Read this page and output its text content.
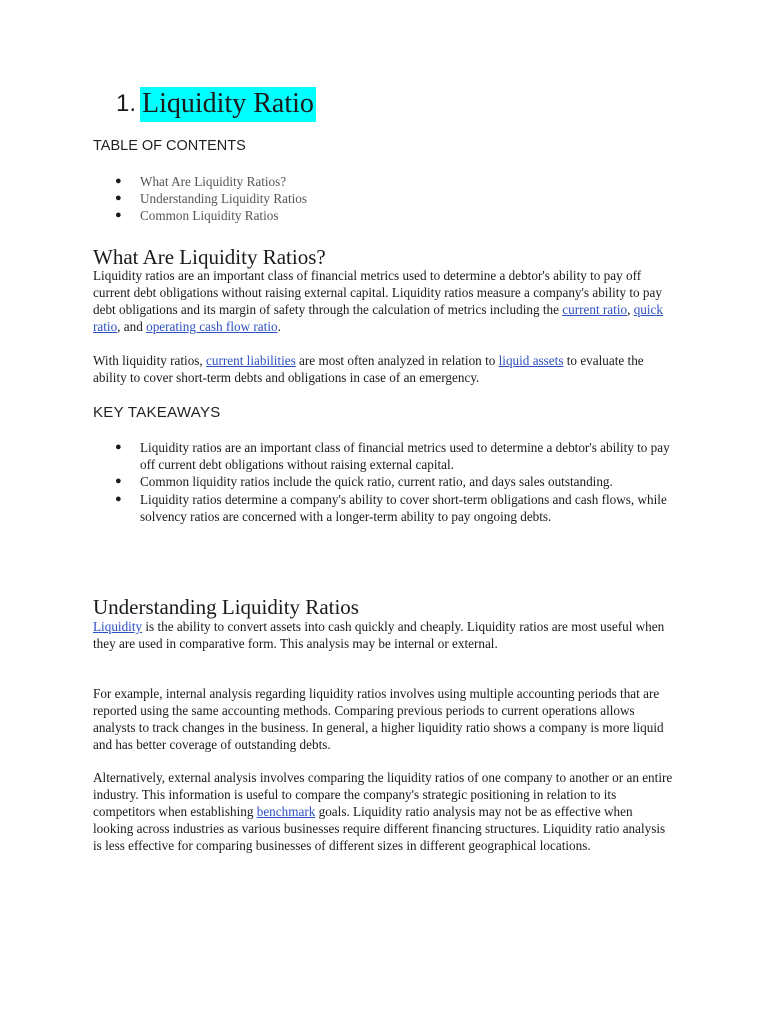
1. Liquidity Ratio
TABLE OF CONTENTS
● What Are Liquidity Ratios?
● Understanding Liquidity Ratios
● Common Liquidity Ratios
What Are Liquidity Ratios?
Liquidity ratios are an important class of financial metrics used to determine a debtor's ability to pay off current debt obligations without raising external capital. Liquidity ratios measure a company's ability to pay debt obligations and its margin of safety through the calculation of metrics including the current ratio, quick ratio, and operating cash flow ratio.
With liquidity ratios, current liabilities are most often analyzed in relation to liquid assets to evaluate the ability to cover short-term debts and obligations in case of an emergency.
KEY TAKEAWAYS
● Liquidity ratios are an important class of financial metrics used to determine a debtor's ability to pay off current debt obligations without raising external capital.
● Common liquidity ratios include the quick ratio, current ratio, and days sales outstanding.
● Liquidity ratios determine a company's ability to cover short-term obligations and cash flows, while solvency ratios are concerned with a longer-term ability to pay ongoing debts.
Understanding Liquidity Ratios
Liquidity is the ability to convert assets into cash quickly and cheaply. Liquidity ratios are most useful when they are used in comparative form. This analysis may be internal or external.
For example, internal analysis regarding liquidity ratios involves using multiple accounting periods that are reported using the same accounting methods. Comparing previous periods to current operations allows analysts to track changes in the business. In general, a higher liquidity ratio shows a company is more liquid and has better coverage of outstanding debts.
Alternatively, external analysis involves comparing the liquidity ratios of one company to another or an entire industry. This information is useful to compare the company's strategic positioning in relation to its competitors when establishing benchmark goals. Liquidity ratio analysis may not be as effective when looking across industries as various businesses require different financing structures. Liquidity ratio analysis is less effective for comparing businesses of different sizes in different geographical locations.
